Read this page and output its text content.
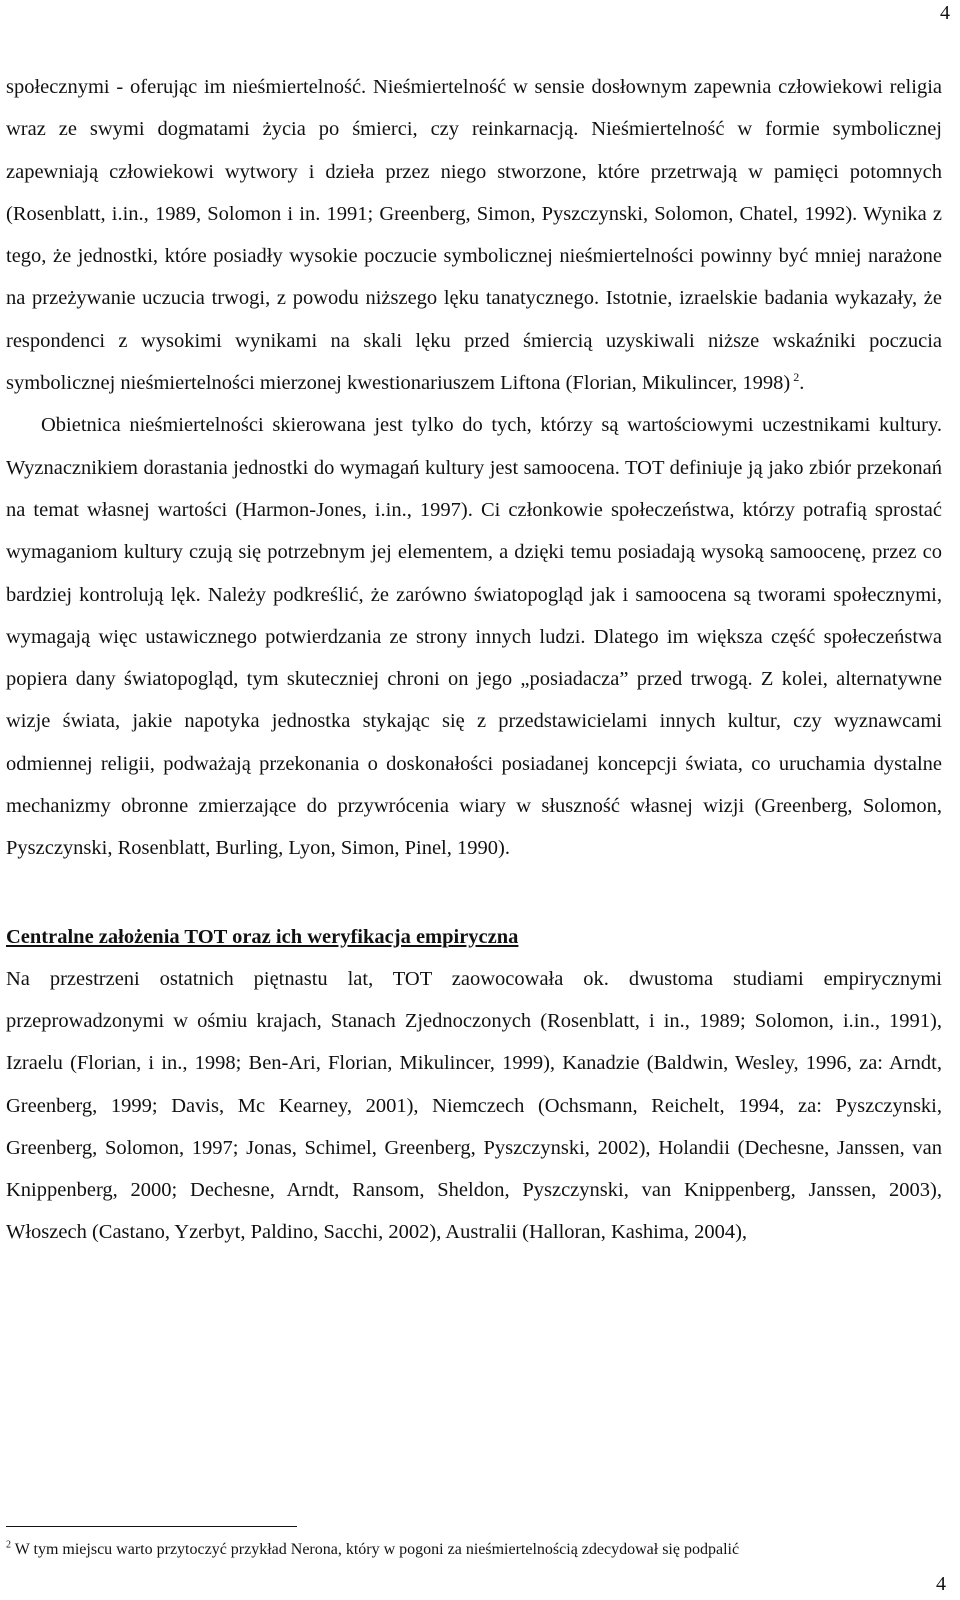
4

społecznymi - oferując im nieśmiertelność. Nieśmiertelność w sensie dosłownym zapewnia człowiekowi religia wraz ze swymi dogmatami życia po śmierci, czy reinkarnacją. Nieśmiertelność w formie symbolicznej zapewniają człowiekowi wytwory i dzieła przez niego stworzone, które przetrwają w pamięci potomnych (Rosenblatt, i.in., 1989, Solomon i in. 1991; Greenberg, Simon, Pyszczynski, Solomon, Chatel, 1992). Wynika z tego, że jednostki, które posiadły wysokie poczucie symbolicznej nieśmiertelności powinny być mniej narażone na przeżywanie uczucia trwogi, z powodu niższego lęku tanatycznego. Istotnie, izraelskie badania wykazały, że respondenci z wysokimi wynikami na skali lęku przed śmiercią uzyskiwali niższe wskaźniki poczucia symbolicznej nieśmiertelności mierzonej kwestionariuszem Liftona (Florian, Mikulincer, 1998) $^2$.

Obietnica nieśmiertelności skierowana jest tylko do tych, którzy są wartościowymi uczestnikami kultury. Wyznacznikiem dorastania jednostki do wymagań kultury jest samoocena. TOT definiuje ją jako zbiór przekonań na temat własnej wartości (Harmon-Jones, i.in., 1997). Ci członkowie społeczeństwa, którzy potrafią sprostać wymaganiom kultury czują się potrzebnym jej elementem, a dzięki temu posiadają wysoką samoocenę, przez co bardziej kontrolują lęk. Należy podkreślić, że zarówno światopogląd jak i samoocena są tworami społecznymi, wymagają więc ustawicznego potwierdzania ze strony innych ludzi. Dlatego im większa część społeczeństwa popiera dany światopogląd, tym skuteczniej chroni on jego „posiadacza” przed trwogą. Z kolei, alternatywne wizje świata, jakie napotyka jednostka stykając się z przedstawicielami innych kultur, czy wyznawcami odmiennej religii, podważają przekonania o doskonałości posiadanej koncepcji świata, co uruchamia dystalne mechanizmy obronne zmierzające do przywrócenia wiary w słuszność własnej wizji (Greenberg, Solomon, Pyszczynski, Rosenblatt, Burling, Lyon, Simon, Pinel, 1990).

Centralne założenia TOT oraz ich weryfikacja empiryczna

Na przestrzeni ostatnich piętnastu lat, TOT zaowocowała ok. dwustoma studiami empirycznymi przeprowadzonymi w ośmiu krajach, Stanach Zjednoczonych (Rosenblatt, i in., 1989; Solomon, i.in., 1991), Izraelu (Florian, i in., 1998; Ben-Ari, Florian, Mikulincer, 1999), Kanadzie (Baldwin, Wesley, 1996, za: Arndt, Greenberg, 1999; Davis, Mc Kearney, 2001), Niemczech (Ochsmann, Reichelt, 1994, za: Pyszczynski, Greenberg, Solomon, 1997; Jonas, Schimel, Greenberg, Pyszczynski, 2002), Holandii (Dechesne, Janssen, van Knippenberg, 2000; Dechesne, Arndt, Ransom, Sheldon, Pyszczynski, van Knippenberg, Janssen, 2003), Włoszech (Castano, Yzerbyt, Paldino, Sacchi, 2002), Australii (Halloran, Kashima, 2004),

$^2$ W tym miejscu warto przytoczyć przykład Nerona, który w pogoni za nieśmiertelnością zdecydował się podpalić
4
